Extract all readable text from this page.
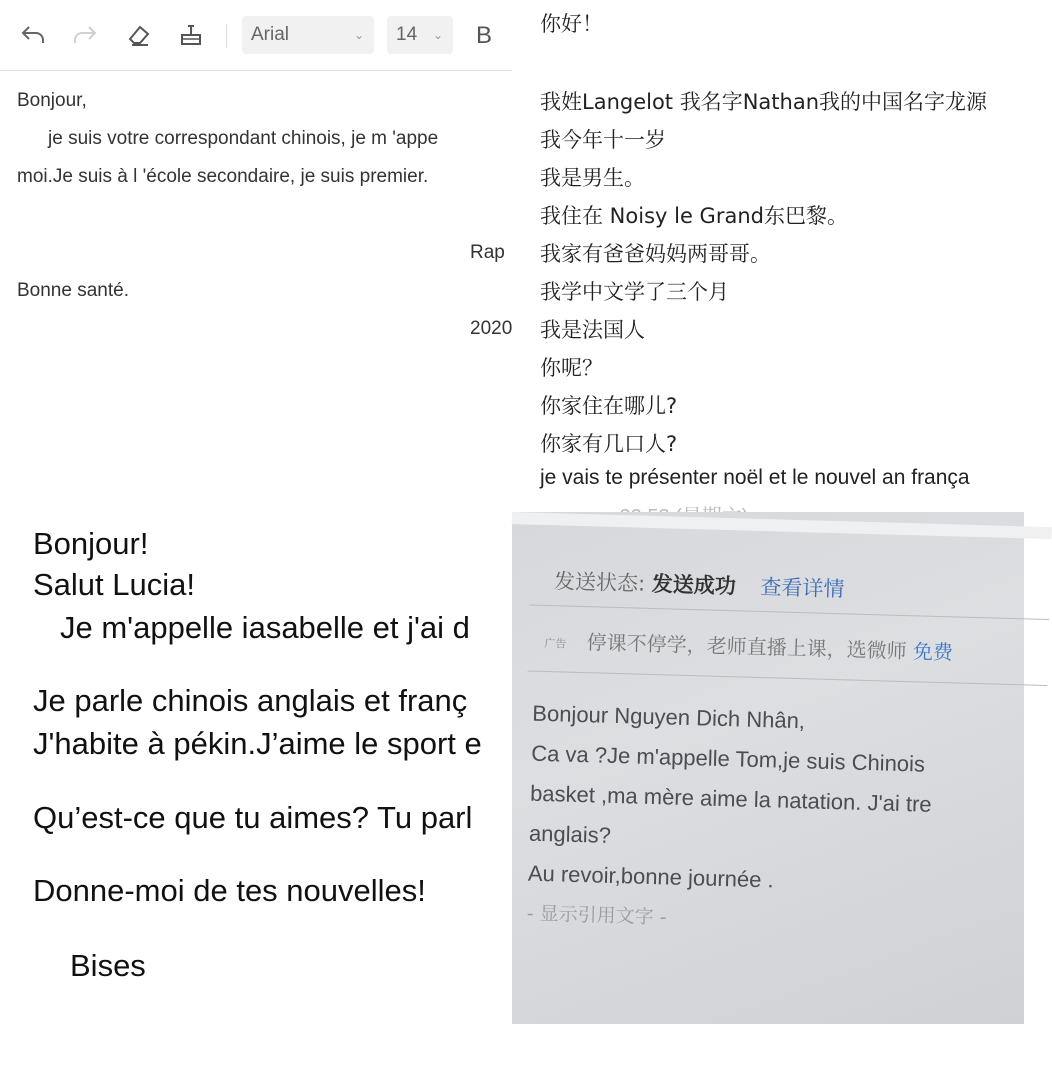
Arial	⌄ 14 ⌄ B
Bonjour,
je suis votre correspondant chinois, je m 'appe
moi.Je suis à l 'école secondaire, je suis premier.
Rap
Bonne santé.
2020
你好！
我姓Langelot 我名字Nathan我的中国名字龙源
我今年十一岁
我是男生。
我住在 Noisy le Grand东巴黎。
我家有爸爸妈妈两哥哥。
我学中文学了三个月
我是法国人
你呢？
你家住在哪儿?
你家有几口人?
je vais te présenter noël et le nouvel an frança
Bonjour!
Salut Lucia!
Je m'appelle iasabelle et j'ai d
Je parle chinois anglais et franç
J'habite à pékin.J’aime le sport e
Qu’est-ce que tu aimes? Tu parl
Donne-moi de tes nouvelles!
Bises
发送状态: 发送成功 查看详情
广告 停课不停学，老师直播上课，选微师 免费
Bonjour Nguyen Dich Nhân,
Ca va ?Je m'appelle Tom,je suis Chinois
basket ,ma mère aime la natation. J'ai tre
anglais?
Au revoir,bonne journée .
- 显示引用文字 -
